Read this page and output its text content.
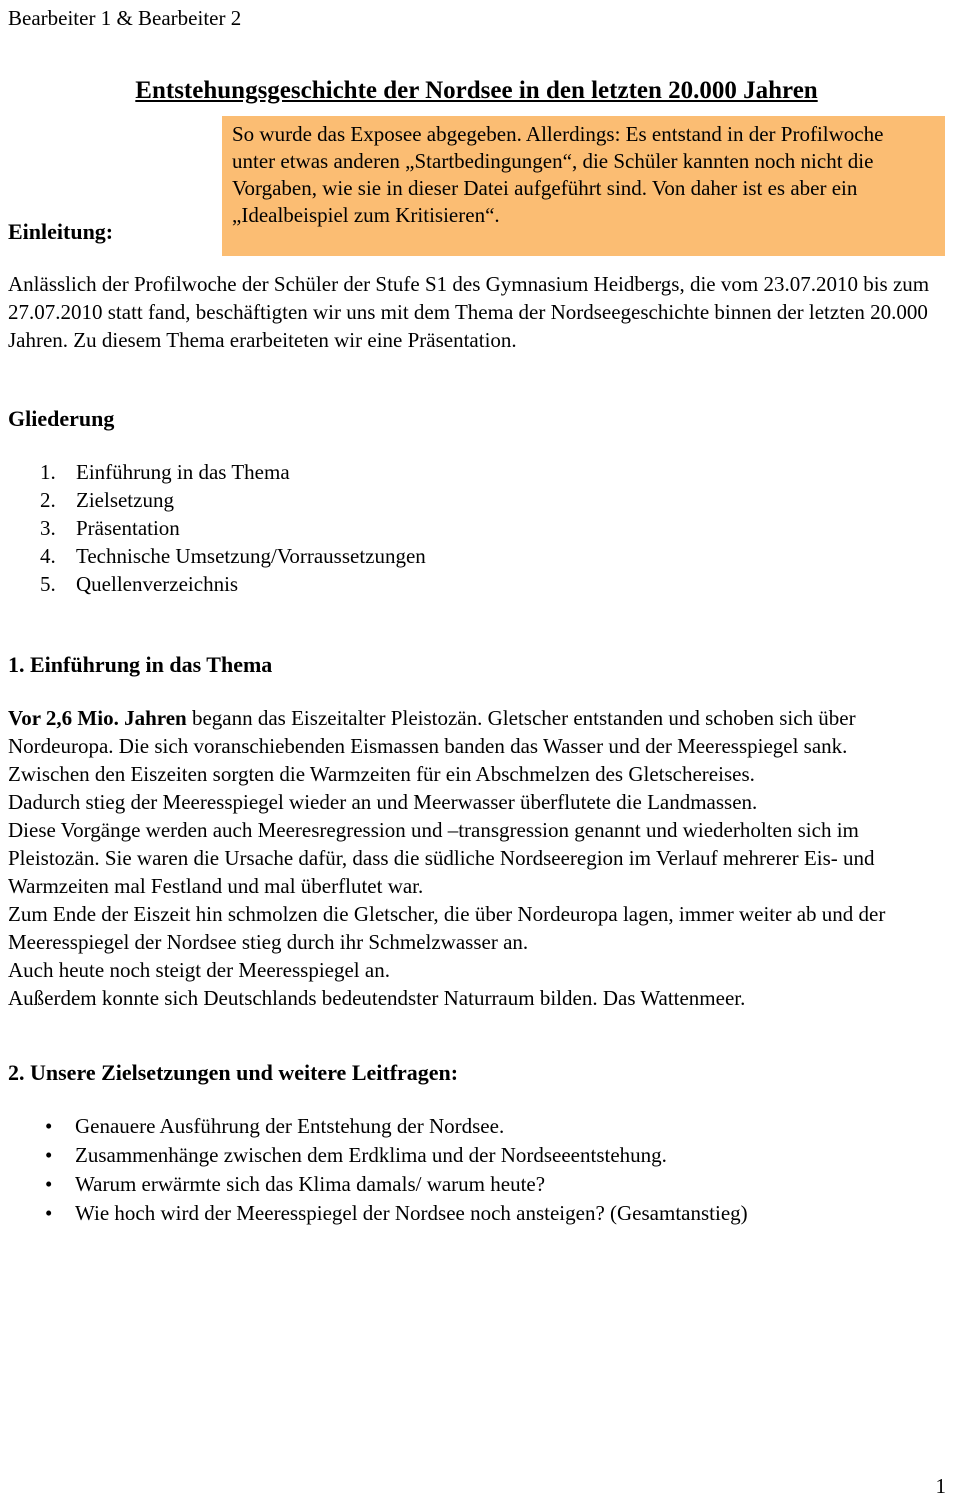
Bearbeiter 1 & Bearbeiter 2
Entstehungsgeschichte der Nordsee in den letzten 20.000 Jahren
Einleitung:
So wurde das Exposee abgegeben. Allerdings: Es entstand in der Profilwoche unter etwas anderen „Startbedingungen“, die Schüler kannten noch nicht die Vorgaben, wie sie in dieser Datei aufgeführt sind. Von daher ist es aber ein „Idealbeispiel zum Kritisieren“.

Anlässlich der Profilwoche der Schüler der Stufe S1 des Gymnasium Heidbergs, die vom 23.07.2010 bis zum 27.07.2010 statt fand, beschäftigten wir uns mit dem Thema der Nordseegeschichte binnen der letzten 20.000 Jahren. Zu diesem Thema erarbeiteten wir eine Präsentation.

Gliederung
1. Einführung in das Thema
2. Zielsetzung
3. Präsentation
4. Technische Umsetzung/Vorraussetzungen
5. Quellenverzeichnis
1. Einführung in das Thema

Vor 2,6 Mio. Jahren begann das Eiszeitalter Pleistozän. Gletscher entstanden und schoben sich über Nordeuropa. Die sich voranschiebenden Eismassen banden das Wasser und der Meeresspiegel sank.

Zwischen den Eiszeiten sorgten die Warmzeiten für ein Abschmelzen des Gletschereises.

Dadurch stieg der Meeresspiegel wieder an und Meerwasser überflutete die Landmassen.

Diese Vorgänge werden auch Meeresregression und –transgression genannt und wiederholten sich im Pleistozän. Sie waren die Ursache dafür, dass die südliche Nordseeregion im Verlauf mehrerer Eis- und Warmzeiten mal Festland und mal überflutet war.

Zum Ende der Eiszeit hin schmolzen die Gletscher, die über Nordeuropa lagen, immer weiter ab und der Meeresspiegel der Nordsee stieg durch ihr Schmelzwasser an.

Auch heute noch steigt der Meeresspiegel an.

Außerdem konnte sich Deutschlands bedeutendster Naturraum bilden. Das Wattenmeer.

2. Unsere Zielsetzungen und weitere Leitfragen:
• Genauere Ausführung der Entstehung der Nordsee.
• Zusammenhänge zwischen dem Erdklima und der Nordseeentstehung.
• Warum erwärmte sich das Klima damals/ warum heute?
• Wie hoch wird der Meeresspiegel der Nordsee noch ansteigen? (Gesamtanstieg)
1
